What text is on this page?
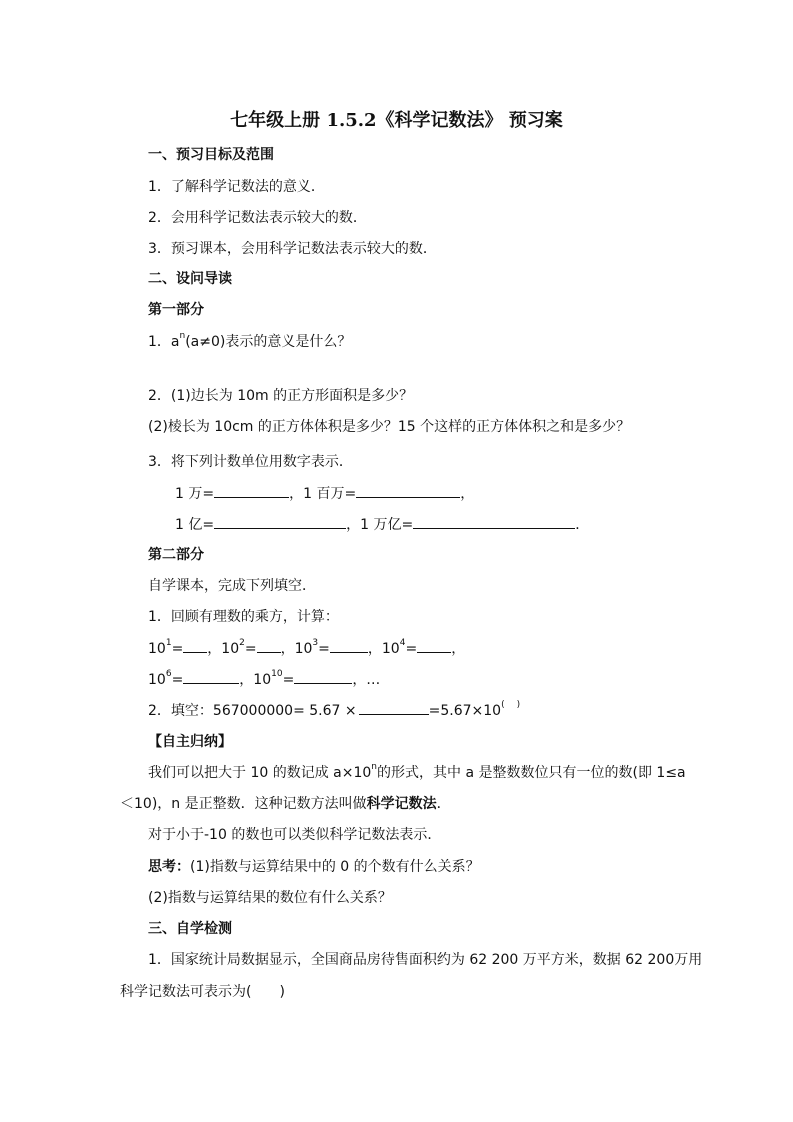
七年级上册 1.5.2《科学记数法》 预习案
一、预习目标及范围
1．了解科学记数法的意义．
2．会用科学记数法表示较大的数．
3．预习课本，会用科学记数法表示较大的数．
二、设问导读
第一部分
1．$a^n(a\ne 0)$表示的意义是什么？
2．(1)边长为 10m 的正方形面积是多少？
(2)棱长为 10cm 的正方体体积是多少？15 个这样的正方体体积之和是多少？
3．将下列计数单位用数字表示．
1 万=	，1 百万=	，
1 亿=	，1 万亿=	．
第二部分
自学课本，完成下列填空．
1．回顾有理数的乘方，计算：
$10^1=$ ，$10^2=$ ，$10^3=$	，$10^4=$ ，
$10^6=$	，$10^{10}=$	，…
2．填空：567000000= 5.67 ×	=5.67×10( )
【自主归纳】
我们可以把大于 10 的数记成 $a\times 10^n$的形式，其中 a 是整数数位只有一位的数(即 1≤a
＜10)，n 是正整数．这种记数方法叫做科学记数法．
对于小于-10 的数也可以类似科学记数法表示．
思考：(1)指数与运算结果中的 0 的个数有什么关系？
(2)指数与运算结果的数位有什么关系？
三、自学检测
1．国家统计局数据显示，全国商品房待售面积约为 62 200 万平方米，数据 62 200万用
科学记数法可表示为(　　)
